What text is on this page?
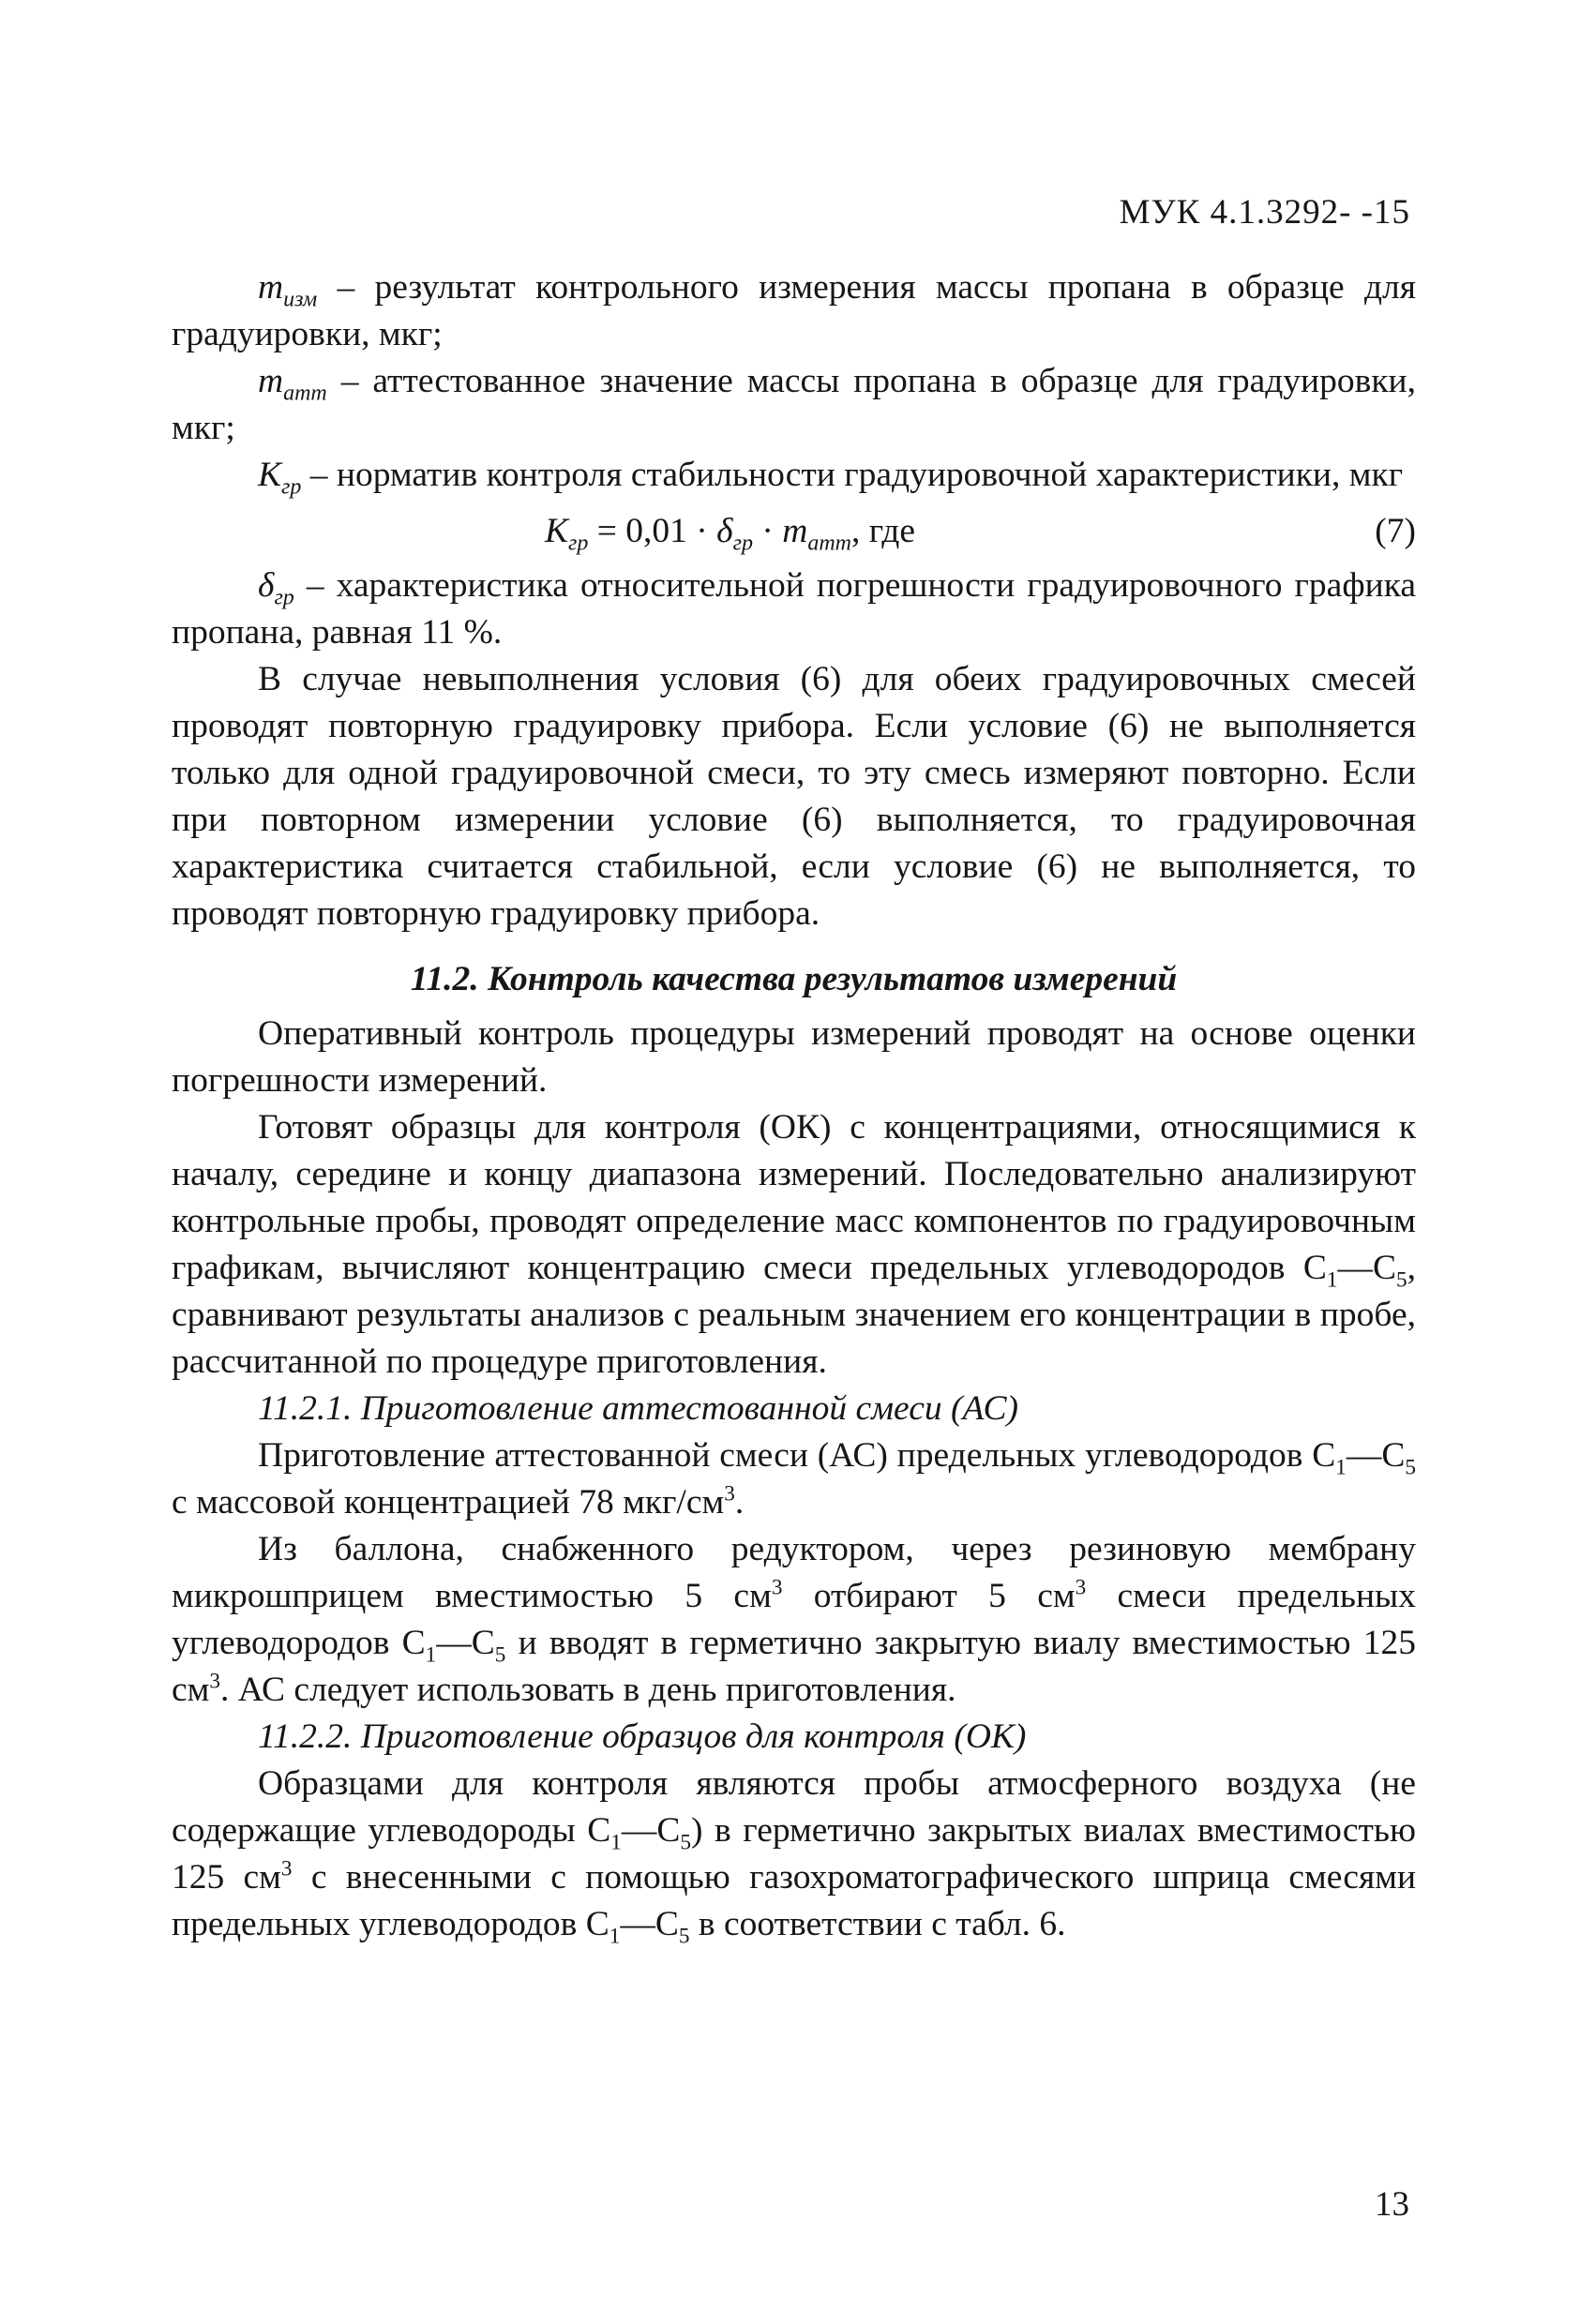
МУК 4.1.3292- -15

$m_{изм}$ – результат контрольного измерения массы пропана в образце для градуировки, мкг;

$m_{атт}$ – аттестованное значение массы пропана в образце для градуировки, мкг;

$K_{гр}$ – норматив контроля стабильности градуировочной характеристики, мкг

$K_{гр} = 0,01 \cdot \delta_{гр} \cdot m_{атт}$, где	(7)

$\delta_{гр}$ – характеристика относительной погрешности градуировочного графика пропана, равная 11 %.

В случае невыполнения условия (6) для обеих градуировочных смесей проводят повторную градуировку прибора. Если условие (6) не выполняется только для одной градуировочной смеси, то эту смесь измеряют повторно. Если при повторном измерении условие (6) выполняется, то градуировочная характеристика считается стабильной, если условие (6) не выполняется, то проводят повторную градуировку прибора.

11.2. Контроль качества результатов измерений

Оперативный контроль процедуры измерений проводят на основе оценки погрешности измерений.

Готовят образцы для контроля (ОК) с концентрациями, относящимися к началу, середине и концу диапазона измерений. Последовательно анализируют контрольные пробы, проводят определение масс компонентов по градуировочным графикам, вычисляют концентрацию смеси предельных углеводородов $С_1—С_5$, сравнивают результаты анализов с реальным значением его концентрации в пробе, рассчитанной по процедуре приготовления.

11.2.1. Приготовление аттестованной смеси (АС)

Приготовление аттестованной смеси (АС) предельных углеводородов $С_1—С_5$ с массовой концентрацией 78 мкг/$см^3$.

Из баллона, снабженного редуктором, через резиновую мембрану микрошприцем вместимостью 5 $см^3$ отбирают 5 $см^3$ смеси предельных углеводородов $С_1—С_5$ и вводят в герметично закрытую виалу вместимостью 125 $см^3$. АС следует использовать в день приготовления.

11.2.2. Приготовление образцов для контроля (ОК)

Образцами для контроля являются пробы атмосферного воздуха (не содержащие углеводороды $С_1—С_5$) в герметично закрытых виалах вместимостью 125 $см^3$ с внесенными с помощью газохроматографического шприца смесями предельных углеводородов $С_1—С_5$ в соответствии с табл. 6.

13
